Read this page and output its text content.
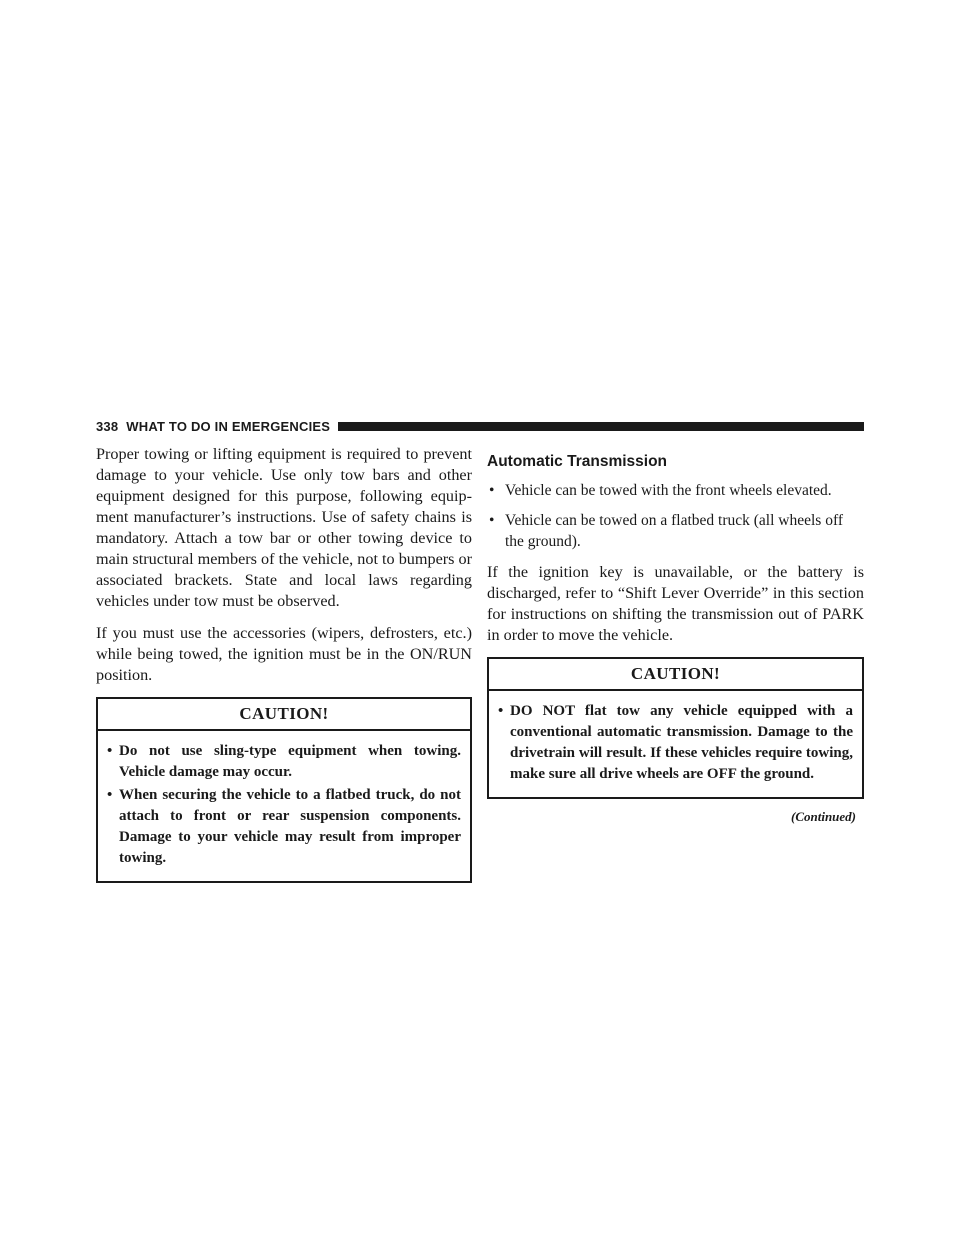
338 WHAT TO DO IN EMERGENCIES

Proper towing or lifting equipment is required to prevent damage to your vehicle. Use only tow bars and other equipment designed for this purpose, following equipment manufacturer’s instructions. Use of safety chains is mandatory. Attach a tow bar or other towing device to main structural members of the vehicle, not to bumpers or associated brackets. State and local laws regarding vehicles under tow must be observed.

If you must use the accessories (wipers, defrosters, etc.) while being towed, the ignition must be in the ON/RUN position.

CAUTION!
• Do not use sling-type equipment when towing. Vehicle damage may occur.
• When securing the vehicle to a flatbed truck, do not attach to front or rear suspension components. Damage to your vehicle may result from improper towing.
Automatic Transmission
• Vehicle can be towed with the front wheels elevated.
• Vehicle can be towed on a flatbed truck (all wheels off the ground).

If the ignition key is unavailable, or the battery is discharged, refer to “Shift Lever Override” in this section for instructions on shifting the transmission out of PARK in order to move the vehicle.

CAUTION!
• DO NOT flat tow any vehicle equipped with a conventional automatic transmission. Damage to the drivetrain will result. If these vehicles require towing, make sure all drive wheels are OFF the ground.
(Continued)
